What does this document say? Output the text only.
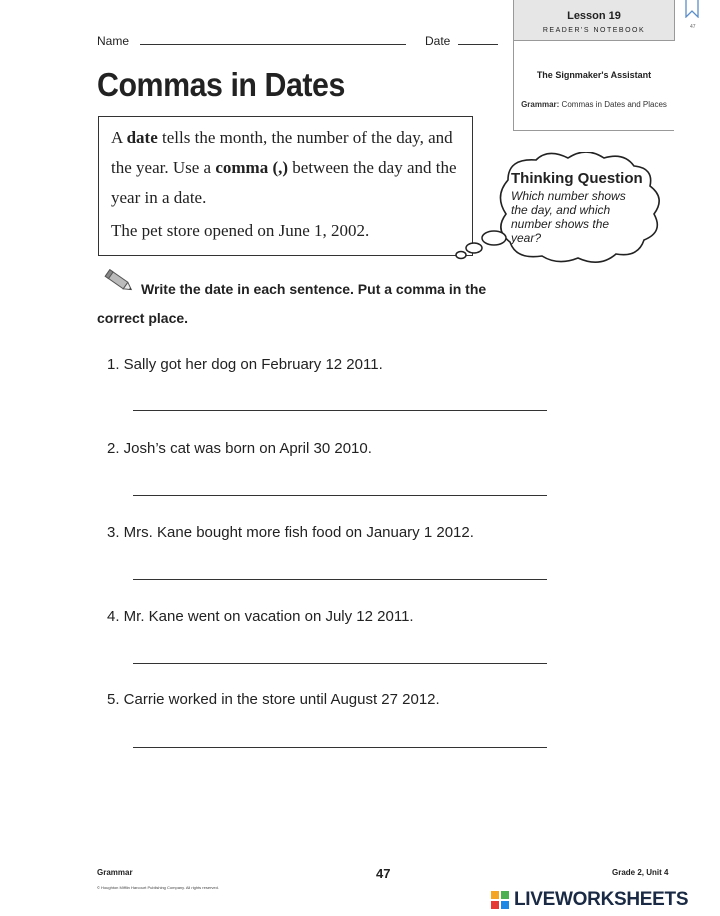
Name	Date
Lesson 19
READER'S NOTEBOOK
The Signmaker's Assistant
Grammar: Commas in Dates and Places
47
Commas in Dates
A date tells the month, the number of the day, and the year. Use a comma (,) between the day and the year in a date.
The pet store opened on June 1, 2002.
Thinking Question
Which number shows the day, and which number shows the year?
Write the date in each sentence. Put a comma in the
correct place.
1. Sally got her dog on February 12 2011.
2. Josh’s cat was born on April 30 2010.
3. Mrs. Kane bought more fish food on January 1 2012.
4. Mr. Kane went on vacation on July 12 2011.
5. Carrie worked in the store until August 27 2012.
Grammar
© Houghton Mifflin Harcourt Publishing Company. All rights reserved.
47	Grade 2, Unit 4
LIVEWORKSHEETS
